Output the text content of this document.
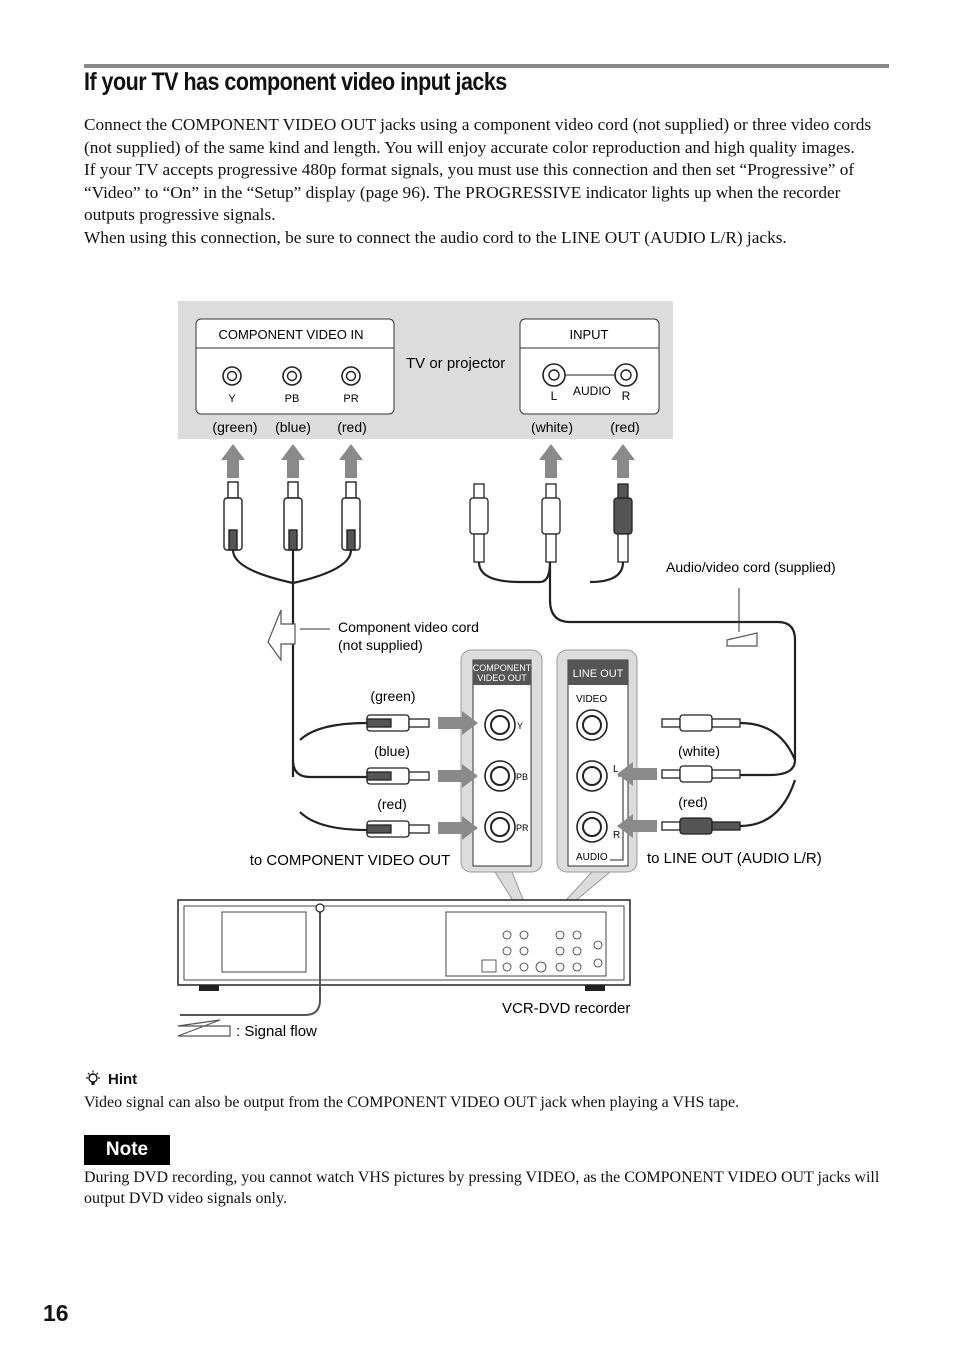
If your TV has component video input jacks

Connect the COMPONENT VIDEO OUT jacks using a component video cord (not supplied) or three video cords (not supplied) of the same kind and length. You will enjoy accurate color reproduction and high quality images.

If your TV accepts progressive 480p format signals, you must use this connection and then set “Progressive” of “Video” to “On” in the “Setup” display (page 96). The PROGRESSIVE indicator lights up when the recorder outputs progressive signals.

When using this connection, be sure to connect the audio cord to the LINE OUT (AUDIO L/R) jacks.

COMPONENT VIDEO IN
Y	PB	PR
INPUT
AUDIO
L	R
TV or projector
(green) (blue) (red)	(white)	(red)
Component video cord
(not supplied)
Audio/video cord (supplied)
COMPONENT
VIDEO OUT
Y
PB
PR
LINE OUT
VIDEO
L
R
AUDIO
(green)
(blue)
(red)
to COMPONENT VIDEO OUT
(white)
(red)
to LINE OUT (AUDIO L/R)
VCR-DVD recorder
: Signal flow
Hint
Video signal can also be output from the COMPONENT VIDEO OUT jack when playing a VHS tape.
Note
During DVD recording, you cannot watch VHS pictures by pressing VIDEO, as the COMPONENT VIDEO OUT jacks will output DVD video signals only.
16
